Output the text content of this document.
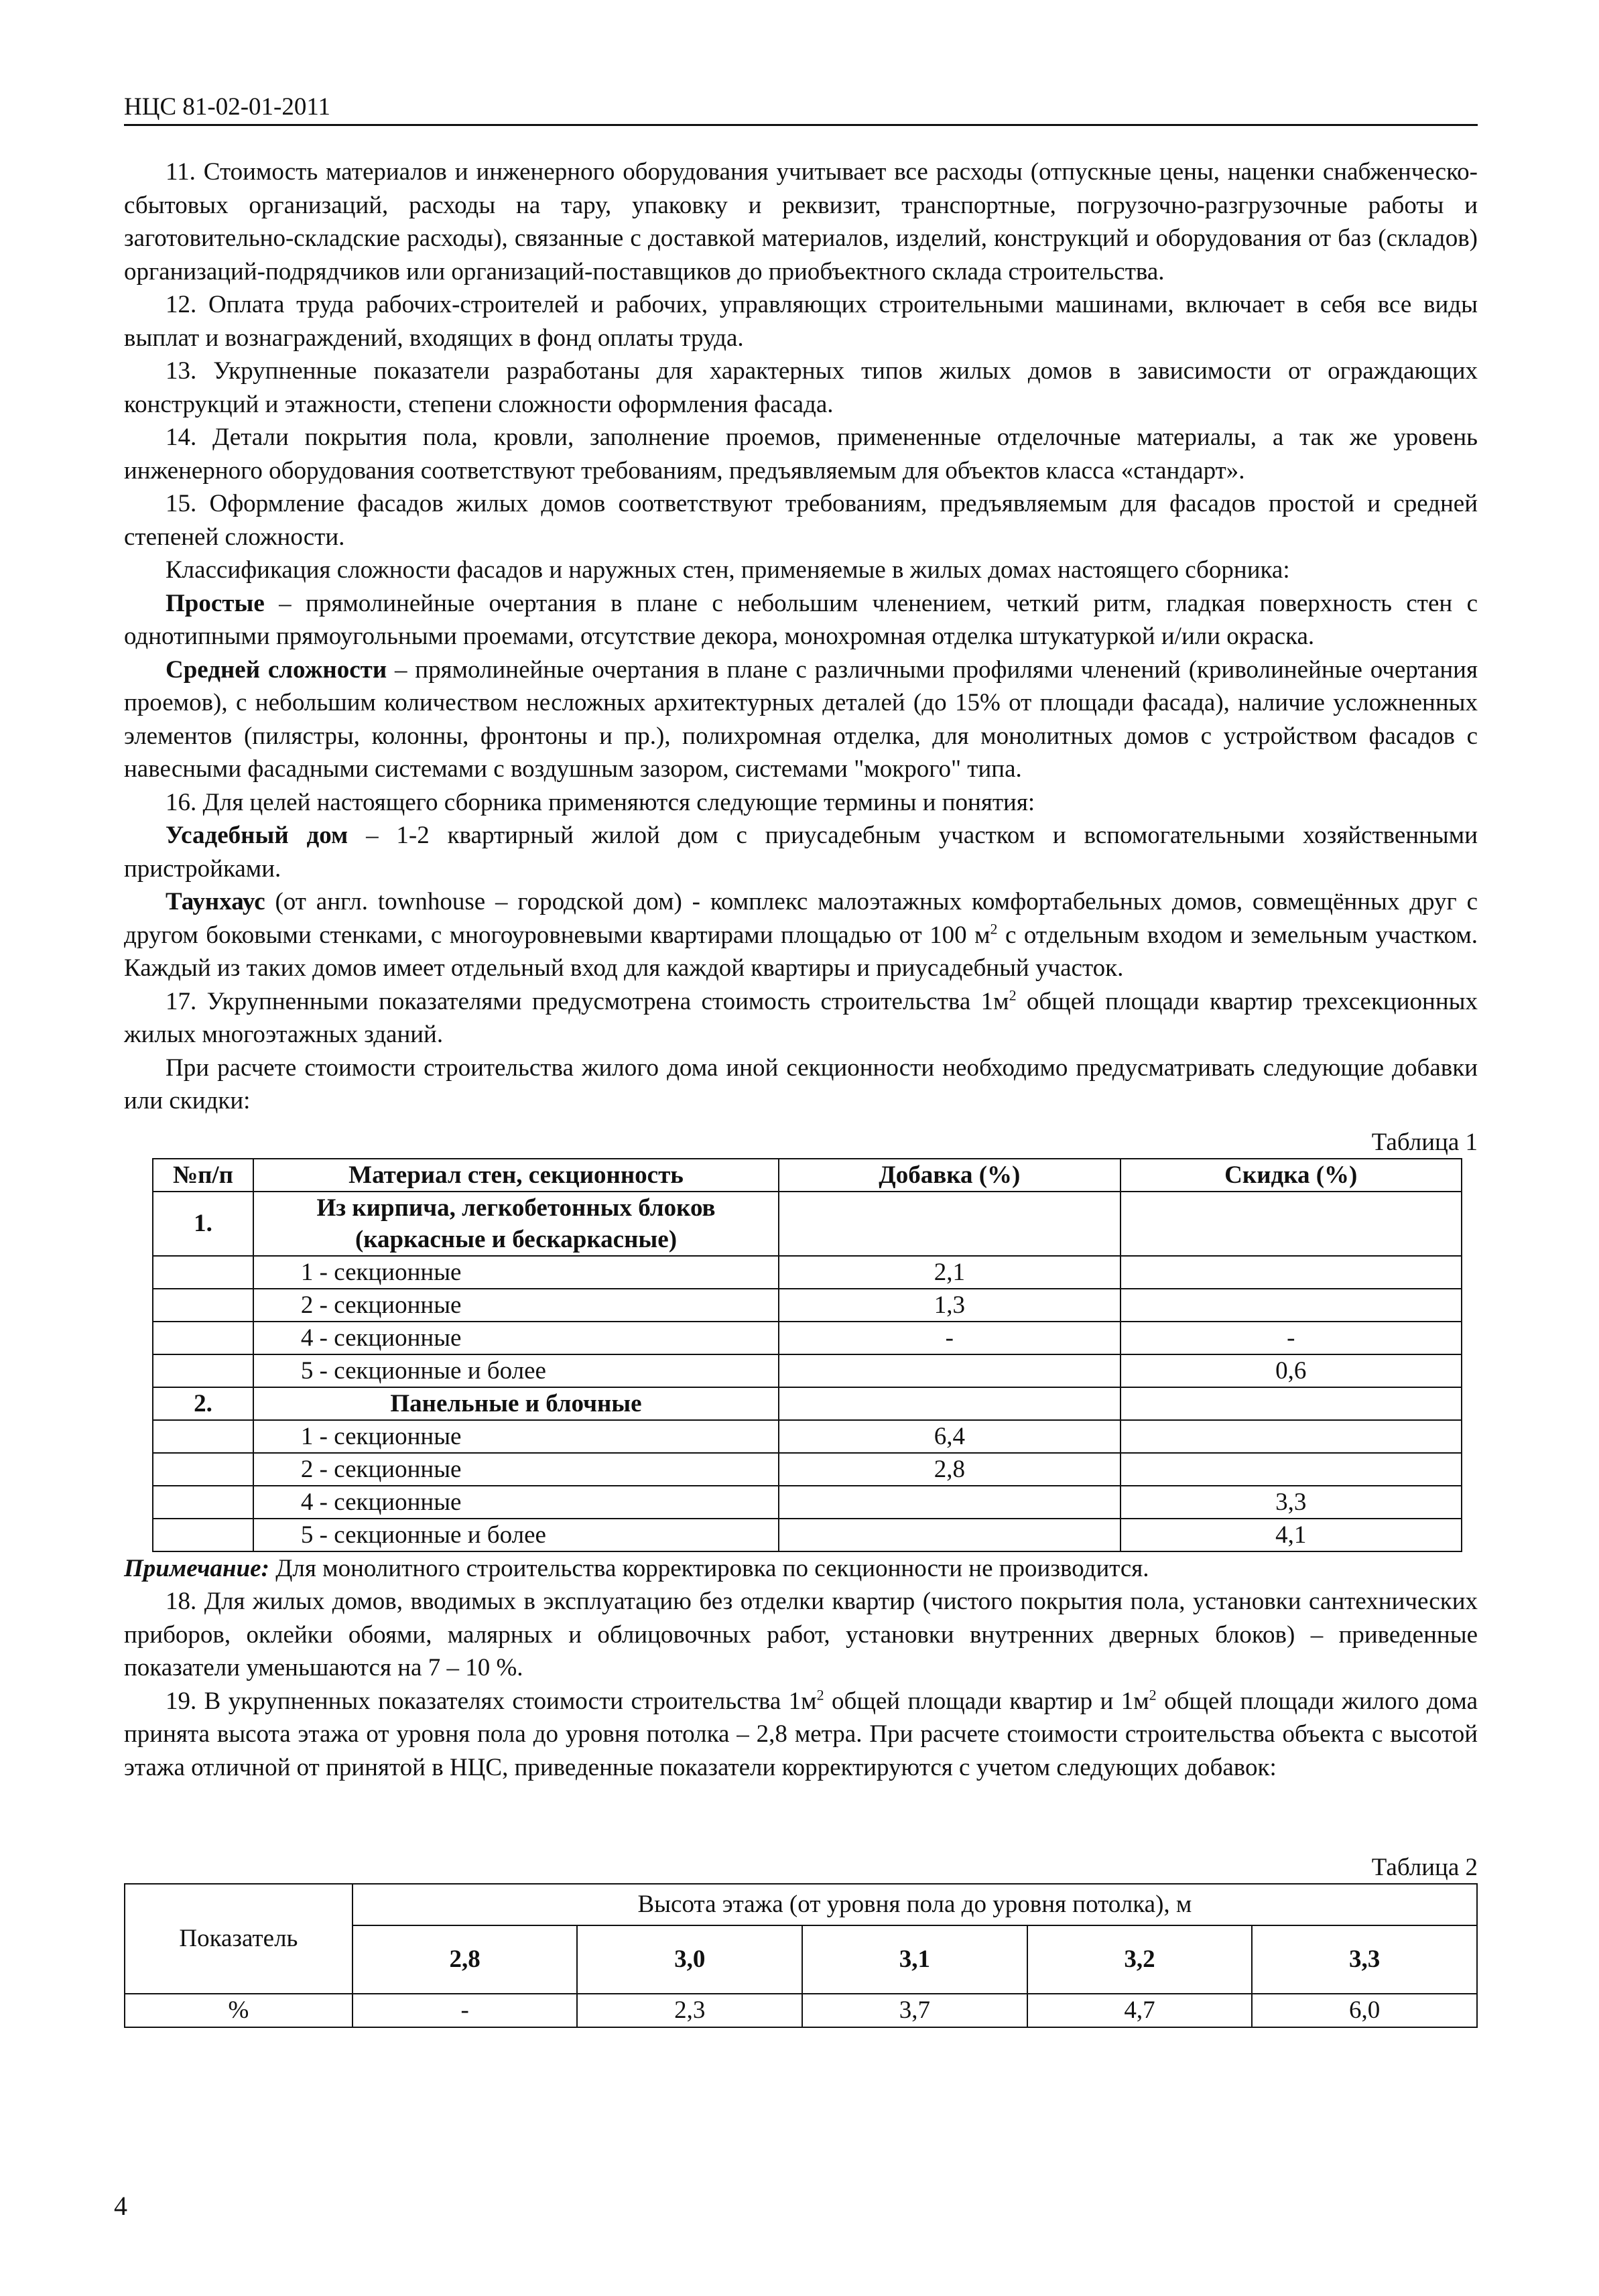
НЦС 81-02-01-2011

11. Стоимость материалов и инженерного оборудования учитывает все расходы (отпускные цены, наценки снабженческо-сбытовых организаций, расходы на тару, упаковку и реквизит, транспортные, погрузочно-разгрузочные работы и заготовительно-складские расходы), связанные с доставкой материалов, изделий, конструкций и оборудования от баз (складов) организаций-подрядчиков или организаций-поставщиков до приобъектного склада строительства.

12. Оплата труда рабочих-строителей и рабочих, управляющих строительными машинами, включает в себя все виды выплат и вознаграждений, входящих в фонд оплаты труда.

13. Укрупненные показатели разработаны для характерных типов жилых домов в зависимости от ограждающих конструкций и этажности, степени сложности оформления фасада.

14. Детали покрытия пола, кровли, заполнение проемов, примененные отделочные материалы, а так же уровень инженерного оборудования соответствуют требованиям, предъявляемым для объектов класса «стандарт».

15. Оформление фасадов жилых домов соответствуют требованиям, предъявляемым для фасадов простой и средней степеней сложности.

Классификация сложности фасадов и наружных стен, применяемые в жилых домах настоящего сборника:

Простые – прямолинейные очертания в плане с небольшим членением, четкий ритм, гладкая поверхность стен с однотипными прямоугольными проемами, отсутствие декора, монохромная отделка штукатуркой и/или окраска.

Средней сложности – прямолинейные очертания в плане с различными профилями членений (криволинейные очертания проемов), с небольшим количеством несложных архитектурных деталей (до 15% от площади фасада), наличие усложненных элементов (пилястры, колонны, фронтоны и пр.), полихромная отделка, для монолитных домов с устройством фасадов с навесными фасадными системами с воздушным зазором, системами "мокрого" типа.

16. Для целей настоящего сборника применяются следующие термины и понятия:

Усадебный дом – 1-2 квартирный жилой дом с приусадебным участком и вспомогательными хозяйственными пристройками.

Таунхаус (от англ. townhouse – городской дом) - комплекс малоэтажных комфортабельных домов, совмещённых друг с другом боковыми стенками, с многоуровневыми квартирами площадью от 100 $м^2$ с отдельным входом и земельным участком. Каждый из таких домов имеет отдельный вход для каждой квартиры и приусадебный участок.

17. Укрупненными показателями предусмотрена стоимость строительства $1м^2$ общей площади квартир трехсекционных жилых многоэтажных зданий.

При расчете стоимости строительства жилого дома иной секционности необходимо предусматривать следующие добавки или скидки:

Таблица 1
№п/п	Материал стен, секционность	Добавка (%)	Скидка (%)
1.	Из кирпича, легкобетонных блоков (каркасные и бескаркасные)		
	1 - секционные	2,1	
	2 - секционные	1,3	
	4 - секционные	-	-
	5 - секционные и более		0,6
2.	Панельные и блочные		
	1 - секционные	6,4	
	2 - секционные	2,8	
	4 - секционные		3,3
	5 - секционные и более		4,1

Примечание: Для монолитного строительства корректировка по секционности не производится.

18. Для жилых домов, вводимых в эксплуатацию без отделки квартир (чистого покрытия пола, установки сантехнических приборов, оклейки обоями, малярных и облицовочных работ, установки внутренних дверных блоков) – приведенные показатели уменьшаются на 7 – 10 %.

19. В укрупненных показателях стоимости строительства $1м^2$ общей площади квартир и $1м^2$ общей площади жилого дома принята высота этажа от уровня пола до уровня потолка – 2,8 метра. При расчете стоимости строительства объекта с высотой этажа отличной от принятой в НЦС, приведенные показатели корректируются с учетом следующих добавок:

Таблица 2
Показатель	Высота этажа (от уровня пола до уровня потолка), м				
	2,8	3,0	3,1	3,2	3,3
%	-	2,3	3,7	4,7	6,0
4
